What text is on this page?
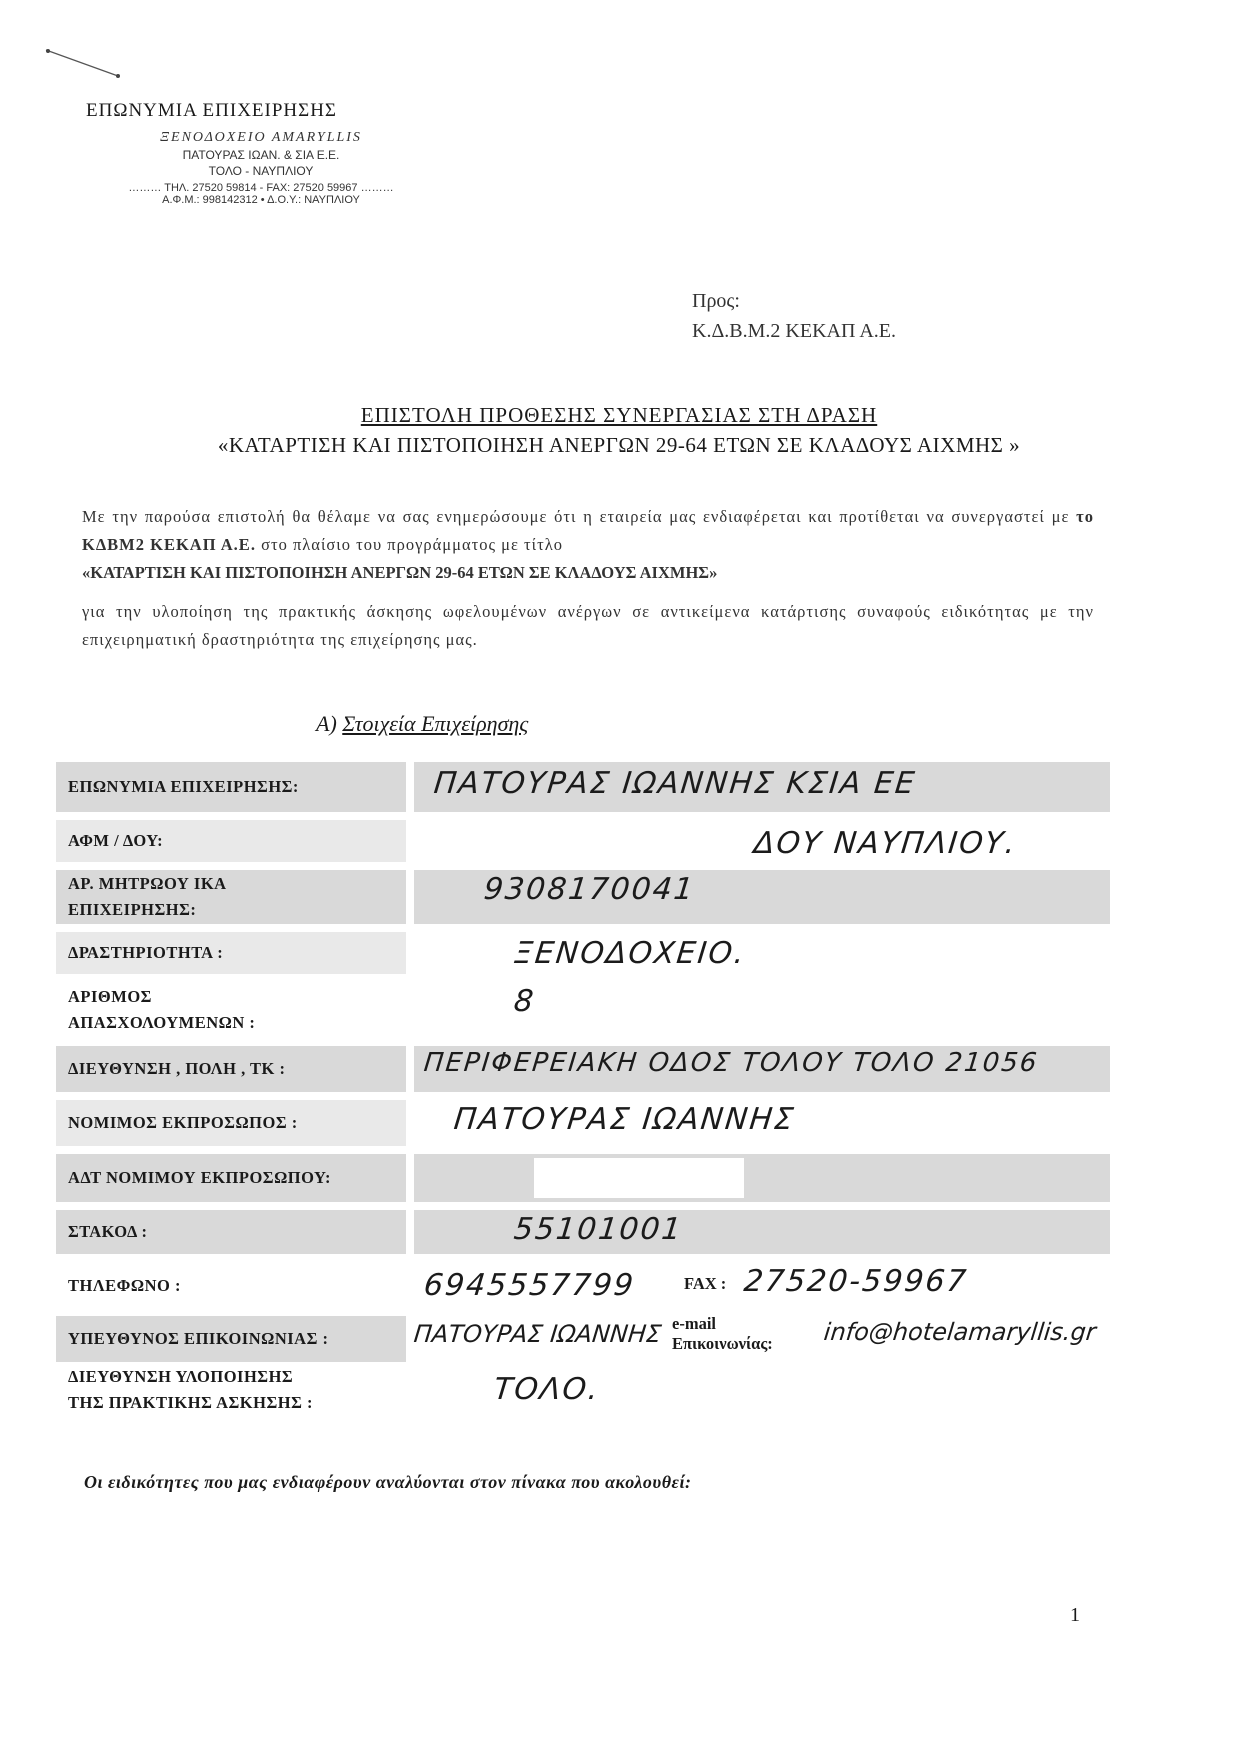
ΕΠΩΝΥΜΙΑ ΕΠΙΧΕΙΡΗΣΗΣ
ΞΕΝΟΔΟΧΕΙΟ ΑΜΑRYLLIS
ΠΑΤΟΥΡΑΣ ΙΩΑΝ. & ΣΙΑ Ε.Ε.
ΤΟΛΟ - ΝΑΥΠΛΙΟΥ
……… ΤΗΛ. 27520 59814 - FAX: 27520 59967 ………
Α.Φ.Μ.: 998142312 • Δ.Ο.Υ.: ΝΑΥΠΛΙΟΥ
Προς:
Κ.Δ.Β.Μ.2 ΚΕΚΑΠ Α.Ε.
ΕΠΙΣΤΟΛΗ ΠΡΟΘΕΣΗΣ ΣΥΝΕΡΓΑΣΙΑΣ ΣΤΗ ΔΡΑΣΗ
«ΚΑΤΑΡΤΙΣΗ ΚΑΙ ΠΙΣΤΟΠΟΙΗΣΗ ΑΝΕΡΓΩΝ 29-64 ΕΤΩΝ ΣΕ ΚΛΑΔΟΥΣ ΑΙΧΜΗΣ »
Με την παρούσα επιστολή θα θέλαμε να σας ενημερώσουμε ότι η εταιρεία μας ενδιαφέρεται και προτίθεται να συνεργαστεί με το ΚΔΒΜ2 ΚΕΚΑΠ Α.Ε. στο πλαίσιο του προγράμματος με τίτλο
«ΚΑΤΑΡΤΙΣΗ ΚΑΙ ΠΙΣΤΟΠΟΙΗΣΗ ΑΝΕΡΓΩΝ 29-64 ΕΤΩΝ ΣΕ ΚΛΑΔΟΥΣ ΑΙΧΜΗΣ»
για την υλοποίηση της πρακτικής άσκησης ωφελουμένων ανέργων σε αντικείμενα κατάρτισης συναφούς ειδικότητας με την επιχειρηματική δραστηριότητα της επιχείρησης μας.
Α) Στοιχεία Επιχείρησης
ΕΠΩΝΥΜΙΑ ΕΠΙΧΕΙΡΗΣΗΣ:	ΠΑΤΟΥΡΑΣ ΙΩΑΝΝΗΣ ΚΣΙΑ ΕΕ
ΑΦΜ / ΔΟΥ:	ΔΟΥ ΝΑΥΠΛΙΟΥ.
ΑΡ. ΜΗΤΡΩΟΥ ΙΚΑ
ΕΠΙΧΕΙΡΗΣΗΣ:
9308170041
ΔΡΑΣΤΗΡΙΟΤΗΤΑ :	ΞΕΝΟΔΟΧΕΙΟ.
ΑΡΙΘΜΟΣ
ΑΠΑΣΧΟΛΟΥΜΕΝΩΝ :
8
ΔΙΕΥΘΥΝΣΗ , ΠΟΛΗ , ΤΚ :	ΠΕΡΙΦΕΡΕΙΑΚΗ ΟΔΟΣ ΤΟΛΟΥ ΤΟΛΟ 21056
ΝΟΜΙΜΟΣ ΕΚΠΡΟΣΩΠΟΣ :	ΠΑΤΟΥΡΑΣ ΙΩΑΝΝΗΣ
ΑΔΤ ΝΟΜΙΜΟΥ ΕΚΠΡΟΣΩΠΟΥ:
ΣΤΑΚΟΔ :	55101001
ΤΗΛΕΦΩΝΟ :	6945557799	FAX : 27520-59967
ΥΠΕΥΘΥΝΟΣ ΕΠΙΚΟΙΝΩΝΙΑΣ :	ΠΑΤΟΥΡΑΣ ΙΩΑΝΝΗΣ e-mail
Επικοινωνίας: info@hotelamaryllis.gr
ΔΙΕΥΘΥΝΣΗ ΥΛΟΠΟΙΗΣΗΣ
ΤΗΣ ΠΡΑΚΤΙΚΗΣ ΑΣΚΗΣΗΣ :	ΤΟΛΟ.
Οι ειδικότητες που μας ενδιαφέρουν αναλύονται στον πίνακα που ακολουθεί:
1
